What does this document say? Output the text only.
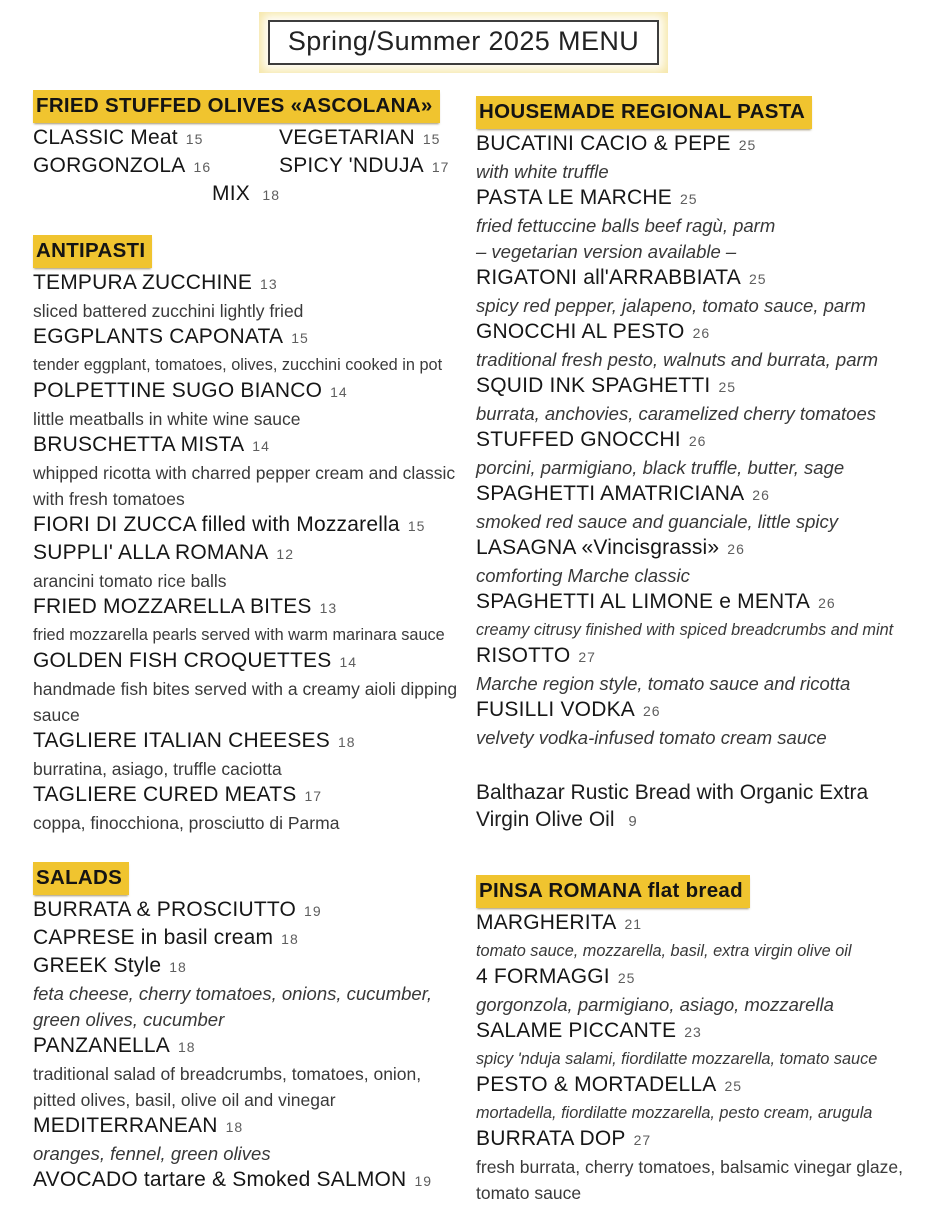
Spring/Summer 2025 MENU
FRIED STUFFED OLIVES «ASCOLANA»
CLASSIC Meat 15	VEGETARIAN 15
GORGONZOLA 16	SPICY 'NDUJA 17
MIX 18
ANTIPASTI
TEMPURA ZUCCHINE 13
sliced battered zucchini lightly fried
EGGPLANTS CAPONATA 15
tender eggplant, tomatoes, olives, zucchini cooked in pot
POLPETTINE SUGO BIANCO 14
little meatballs in white wine sauce
BRUSCHETTA MISTA 14
whipped ricotta with charred pepper cream and classic with fresh tomatoes
FIORI DI ZUCCA filled with Mozzarella 15
SUPPLI' ALLA ROMANA 12
arancini tomato rice balls
FRIED MOZZARELLA BITES 13
fried mozzarella pearls served with warm marinara sauce
GOLDEN FISH CROQUETTES 14
handmade fish bites served with a creamy aioli dipping sauce
TAGLIERE ITALIAN CHEESES 18
burratina, asiago, truffle caciotta
TAGLIERE CURED MEATS 17
coppa, finocchiona, prosciutto di Parma
SALADS
BURRATA & PROSCIUTTO 19
CAPRESE in basil cream 18
GREEK Style 18
feta cheese, cherry tomatoes, onions, cucumber, green olives, cucumber
PANZANELLA 18
traditional salad of breadcrumbs, tomatoes, onion, pitted olives, basil, olive oil and vinegar
MEDITERRANEAN 18
oranges, fennel, green olives
AVOCADO tartare & Smoked SALMON 19
HOUSEMADE REGIONAL PASTA
BUCATINI CACIO & PEPE 25
with white truffle
PASTA LE MARCHE 25
fried fettuccine balls beef ragù, parm
– vegetarian version available –
RIGATONI all'ARRABBIATA 25
spicy red pepper, jalapeno, tomato sauce, parm
GNOCCHI AL PESTO 26
traditional fresh pesto, walnuts and burrata, parm
SQUID INK SPAGHETTI 25
burrata, anchovies, caramelized cherry tomatoes
STUFFED GNOCCHI 26
porcini, parmigiano, black truffle, butter, sage
SPAGHETTI AMATRICIANA 26
smoked red sauce and guanciale, little spicy
LASAGNA «Vincisgrassi» 26
comforting Marche classic
SPAGHETTI AL LIMONE e MENTA 26
creamy citrusy finished with spiced breadcrumbs and mint
RISOTTO 27
Marche region style, tomato sauce and ricotta
FUSILLI VODKA 26
velvety vodka-infused tomato cream sauce

Balthazar Rustic Bread with Organic Extra Virgin Olive Oil 9

PINSA ROMANA flat bread
MARGHERITA 21
tomato sauce, mozzarella, basil, extra virgin olive oil
4 FORMAGGI 25
gorgonzola, parmigiano, asiago, mozzarella
SALAME PICCANTE 23
spicy 'nduja salami, fiordilatte mozzarella, tomato sauce
PESTO & MORTADELLA 25
mortadella, fiordilatte mozzarella, pesto cream, arugula
BURRATA DOP 27
fresh burrata, cherry tomatoes, balsamic vinegar glaze, tomato sauce
